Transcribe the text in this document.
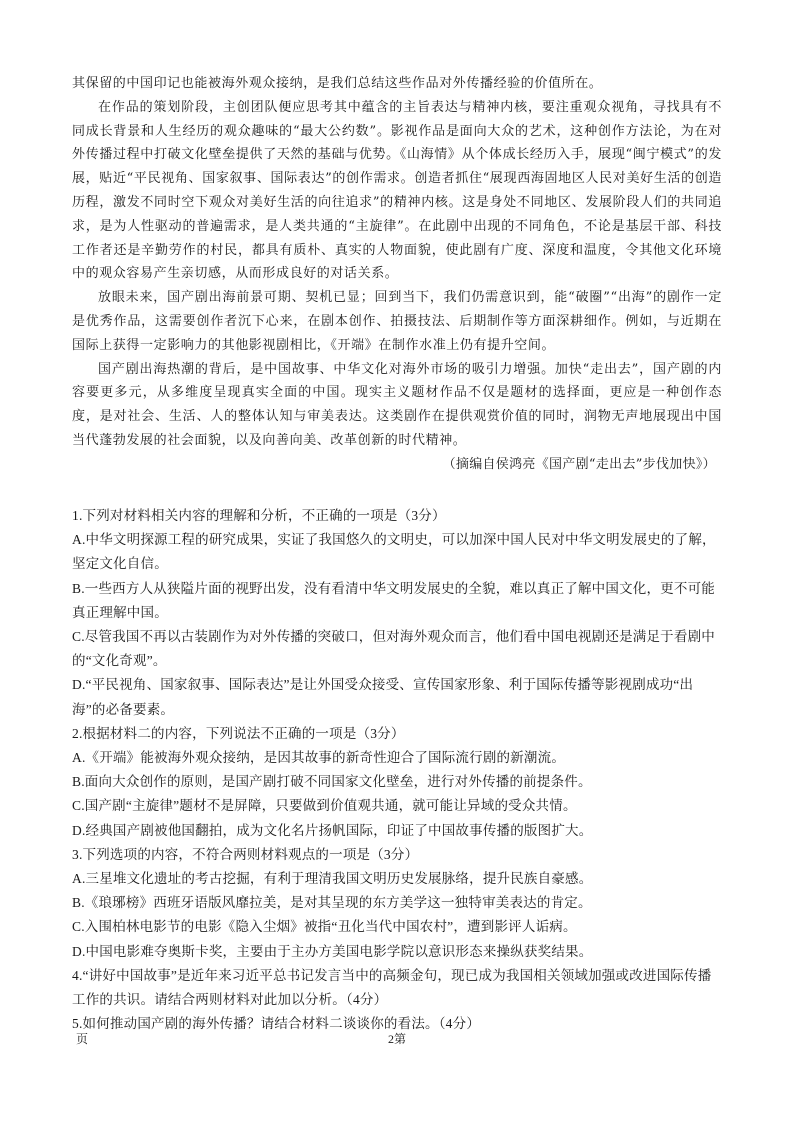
其保留的中国印记也能被海外观众接纳，是我们总结这些作品对外传播经验的价值所在。

在作品的策划阶段，主创团队便应思考其中蕴含的主旨表达与精神内核，要注重观众视角，寻找具有不同成长背景和人生经历的观众趣味的“最大公约数”。影视作品是面向大众的艺术，这种创作方法论，为在对外传播过程中打破文化壁垒提供了天然的基础与优势。《山海情》从个体成长经历入手，展现“闽宁模式”的发展，贴近“平民视角、国家叙事、国际表达”的创作需求。创造者抓住“展现西海固地区人民对美好生活的创造历程，激发不同时空下观众对美好生活的向往追求”的精神内核。这是身处不同地区、发展阶段人们的共同追求，是为人性驱动的普遍需求，是人类共通的“主旋律”。在此剧中出现的不同角色，不论是基层干部、科技工作者还是辛勤劳作的村民，都具有质朴、真实的人物面貌，使此剧有广度、深度和温度，令其他文化环境中的观众容易产生亲切感，从而形成良好的对话关系。

放眼未来，国产剧出海前景可期、契机已显；回到当下，我们仍需意识到，能“破圈”“出海”的剧作一定是优秀作品，这需要创作者沉下心来，在剧本创作、拍摄技法、后期制作等方面深耕细作。例如，与近期在国际上获得一定影响力的其他影视剧相比，《开端》在制作水准上仍有提升空间。

国产剧出海热潮的背后，是中国故事、中华文化对海外市场的吸引力增强。加快“走出去”，国产剧的内容要更多元，从多维度呈现真实全面的中国。现实主义题材作品不仅是题材的选择面，更应是一种创作态度，是对社会、生活、人的整体认知与审美表达。这类剧作在提供观赏价值的同时，润物无声地展现出中国当代蓬勃发展的社会面貌，以及向善向美、改革创新的时代精神。

（摘编自侯鸿亮《国产剧“走出去”步伐加快》）

1.下列对材料相关内容的理解和分析，不正确的一项是（3分）

A.中华文明探源工程的研究成果，实证了我国悠久的文明史，可以加深中国人民对中华文明发展史的了解，坚定文化自信。

B.一些西方人从狭隘片面的视野出发，没有看清中华文明发展史的全貌，难以真正了解中国文化，更不可能真正理解中国。

C.尽管我国不再以古装剧作为对外传播的突破口，但对海外观众而言，他们看中国电视剧还是满足于看剧中的“文化奇观”。

D.“平民视角、国家叙事、国际表达”是让外国受众接受、宣传国家形象、利于国际传播等影视剧成功“出海”的必备要素。

2.根据材料二的内容，下列说法不正确的一项是（3分）

A.《开端》能被海外观众接纳，是因其故事的新奇性迎合了国际流行剧的新潮流。

B.面向大众创作的原则，是国产剧打破不同国家文化壁垒，进行对外传播的前提条件。

C.国产剧“主旋律”题材不是屏障，只要做到价值观共通，就可能让异域的受众共情。

D.经典国产剧被他国翻拍，成为文化名片扬帆国际，印证了中国故事传播的版图扩大。

3.下列选项的内容，不符合两则材料观点的一项是（3分）

A.三星堆文化遗址的考古挖掘，有利于理清我国文明历史发展脉络，提升民族自豪感。

B.《琅琊榜》西班牙语版风靡拉美，是对其呈现的东方美学这一独特审美表达的肯定。

C.入围柏林电影节的电影《隐入尘烟》被指“丑化当代中国农村”，遭到影评人诟病。

D.中国电影难夺奥斯卡奖，主要由于主办方美国电影学院以意识形态来操纵获奖结果。

4.“讲好中国故事”是近年来习近平总书记发言当中的高频金句，现已成为我国相关领域加强或改进国际传播工作的共识。请结合两则材料对此加以分析。（4分）

5.如何推动国产剧的海外传播？请结合材料二谈谈你的看法。（4分）

页	2第
